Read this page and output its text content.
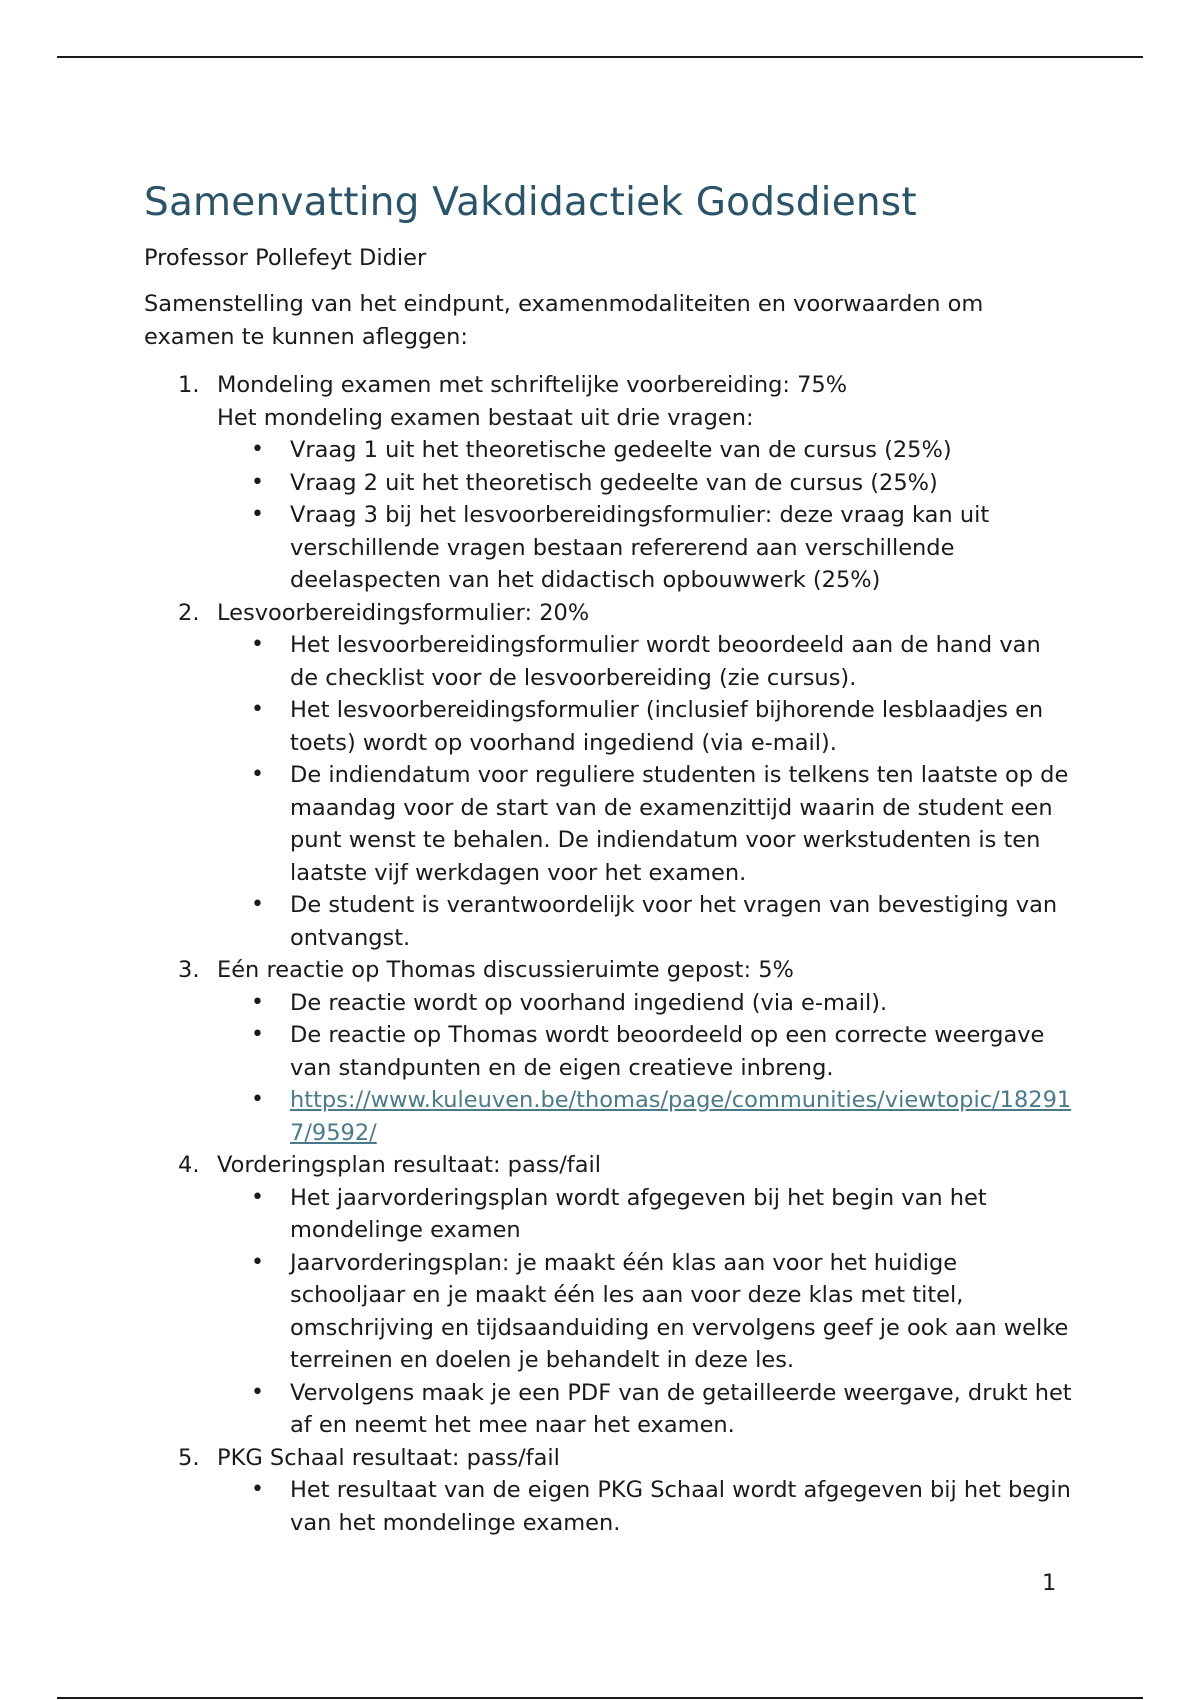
Samenvatting Vakdidactiek Godsdienst

Professor Pollefeyt Didier

Samenstelling van het eindpunt, examenmodaliteiten en voorwaarden om examen te kunnen afleggen:

1. Mondeling examen met schriftelijke voorbereiding: 75%
Het mondeling examen bestaat uit drie vragen:
• Vraag 1 uit het theoretische gedeelte van de cursus (25%)
• Vraag 2 uit het theoretisch gedeelte van de cursus (25%)
• Vraag 3 bij het lesvoorbereidingsformulier: deze vraag kan uit verschillende vragen bestaan refererend aan verschillende deelaspecten van het didactisch opbouwwerk (25%)
2. Lesvoorbereidingsformulier: 20%
• Het lesvoorbereidingsformulier wordt beoordeeld aan de hand van de checklist voor de lesvoorbereiding (zie cursus).
• Het lesvoorbereidingsformulier (inclusief bijhorende lesblaadjes en toets) wordt op voorhand ingediend (via e-mail).
• De indiendatum voor reguliere studenten is telkens ten laatste op de maandag voor de start van de examenzittijd waarin de student een punt wenst te behalen. De indiendatum voor werkstudenten is ten laatste vijf werkdagen voor het examen.
• De student is verantwoordelijk voor het vragen van bevestiging van ontvangst.
3. Eén reactie op Thomas discussieruimte gepost: 5%
• De reactie wordt op voorhand ingediend (via e-mail).
• De reactie op Thomas wordt beoordeeld op een correcte weergave van standpunten en de eigen creatieve inbreng.
• https://www.kuleuven.be/thomas/page/communities/viewtopic/182917/9592/
4. Vorderingsplan resultaat: pass/fail
• Het jaarvorderingsplan wordt afgegeven bij het begin van het mondelinge examen
• Jaarvorderingsplan: je maakt één klas aan voor het huidige schooljaar en je maakt één les aan voor deze klas met titel, omschrijving en tijdsaanduiding en vervolgens geef je ook aan welke terreinen en doelen je behandelt in deze les.
• Vervolgens maak je een PDF van de getailleerde weergave, drukt het af en neemt het mee naar het examen.
5. PKG Schaal resultaat: pass/fail
• Het resultaat van de eigen PKG Schaal wordt afgegeven bij het begin van het mondelinge examen.
1
